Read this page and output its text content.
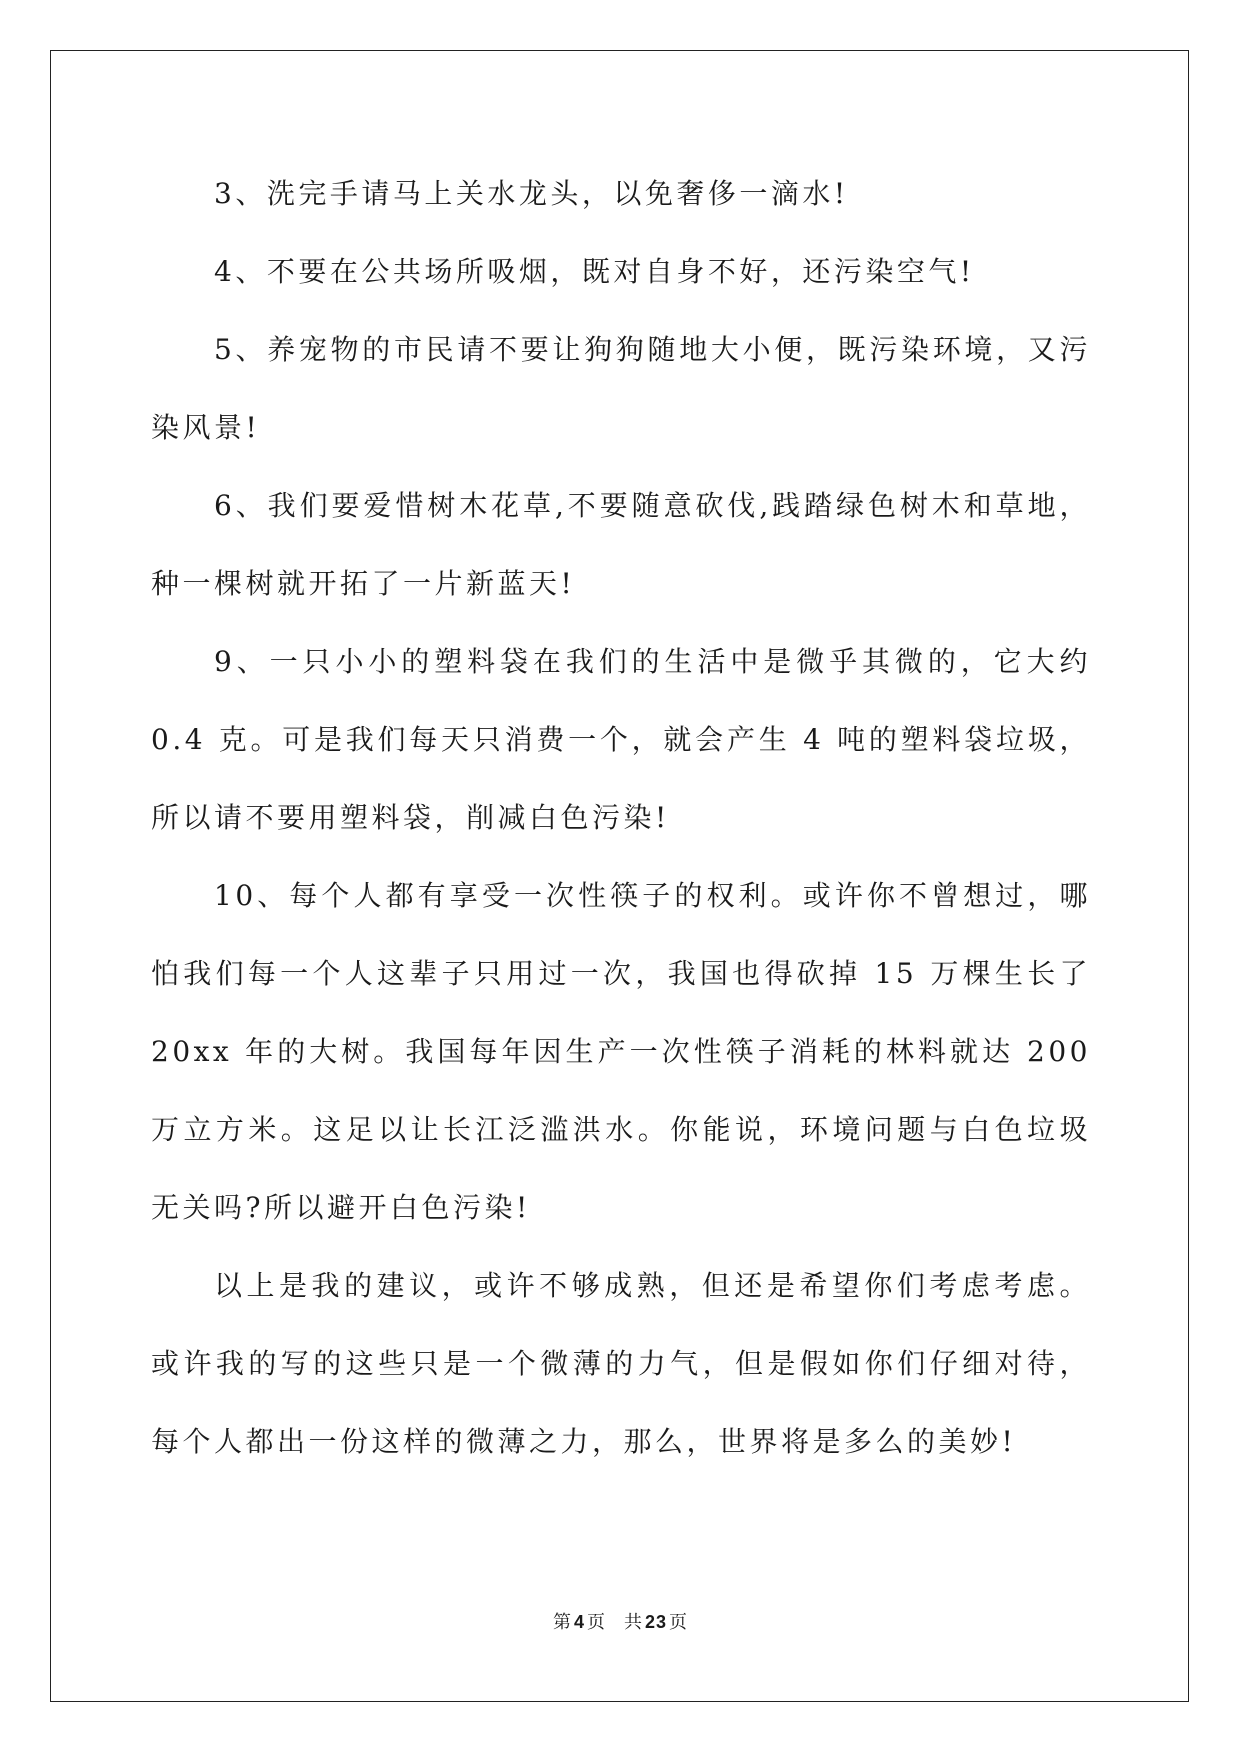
3、洗完手请马上关水龙头，以免奢侈一滴水!

4、不要在公共场所吸烟，既对自身不好，还污染空气!

5、养宠物的市民请不要让狗狗随地大小便，既污染环境，又污染风景!

6、我们要爱惜树木花草,不要随意砍伐,践踏绿色树木和草地，种一棵树就开拓了一片新蓝天!

9、一只小小的塑料袋在我们的生活中是微乎其微的，它大约 0.4 克。可是我们每天只消费一个，就会产生 4 吨的塑料袋垃圾，所以请不要用塑料袋，削减白色污染!

10、每个人都有享受一次性筷子的权利。或许你不曾想过，哪怕我们每一个人这辈子只用过一次，我国也得砍掉 15 万棵生长了 20xx 年的大树。我国每年因生产一次性筷子消耗的林料就达 200 万立方米。这足以让长江泛滥洪水。你能说，环境问题与白色垃圾无关吗?所以避开白色污染!

以上是我的建议，或许不够成熟，但还是希望你们考虑考虑。或许我的写的这些只是一个微薄的力气，但是假如你们仔细对待，每个人都出一份这样的微薄之力，那么，世界将是多么的美妙!

第 4 页 共 23 页
